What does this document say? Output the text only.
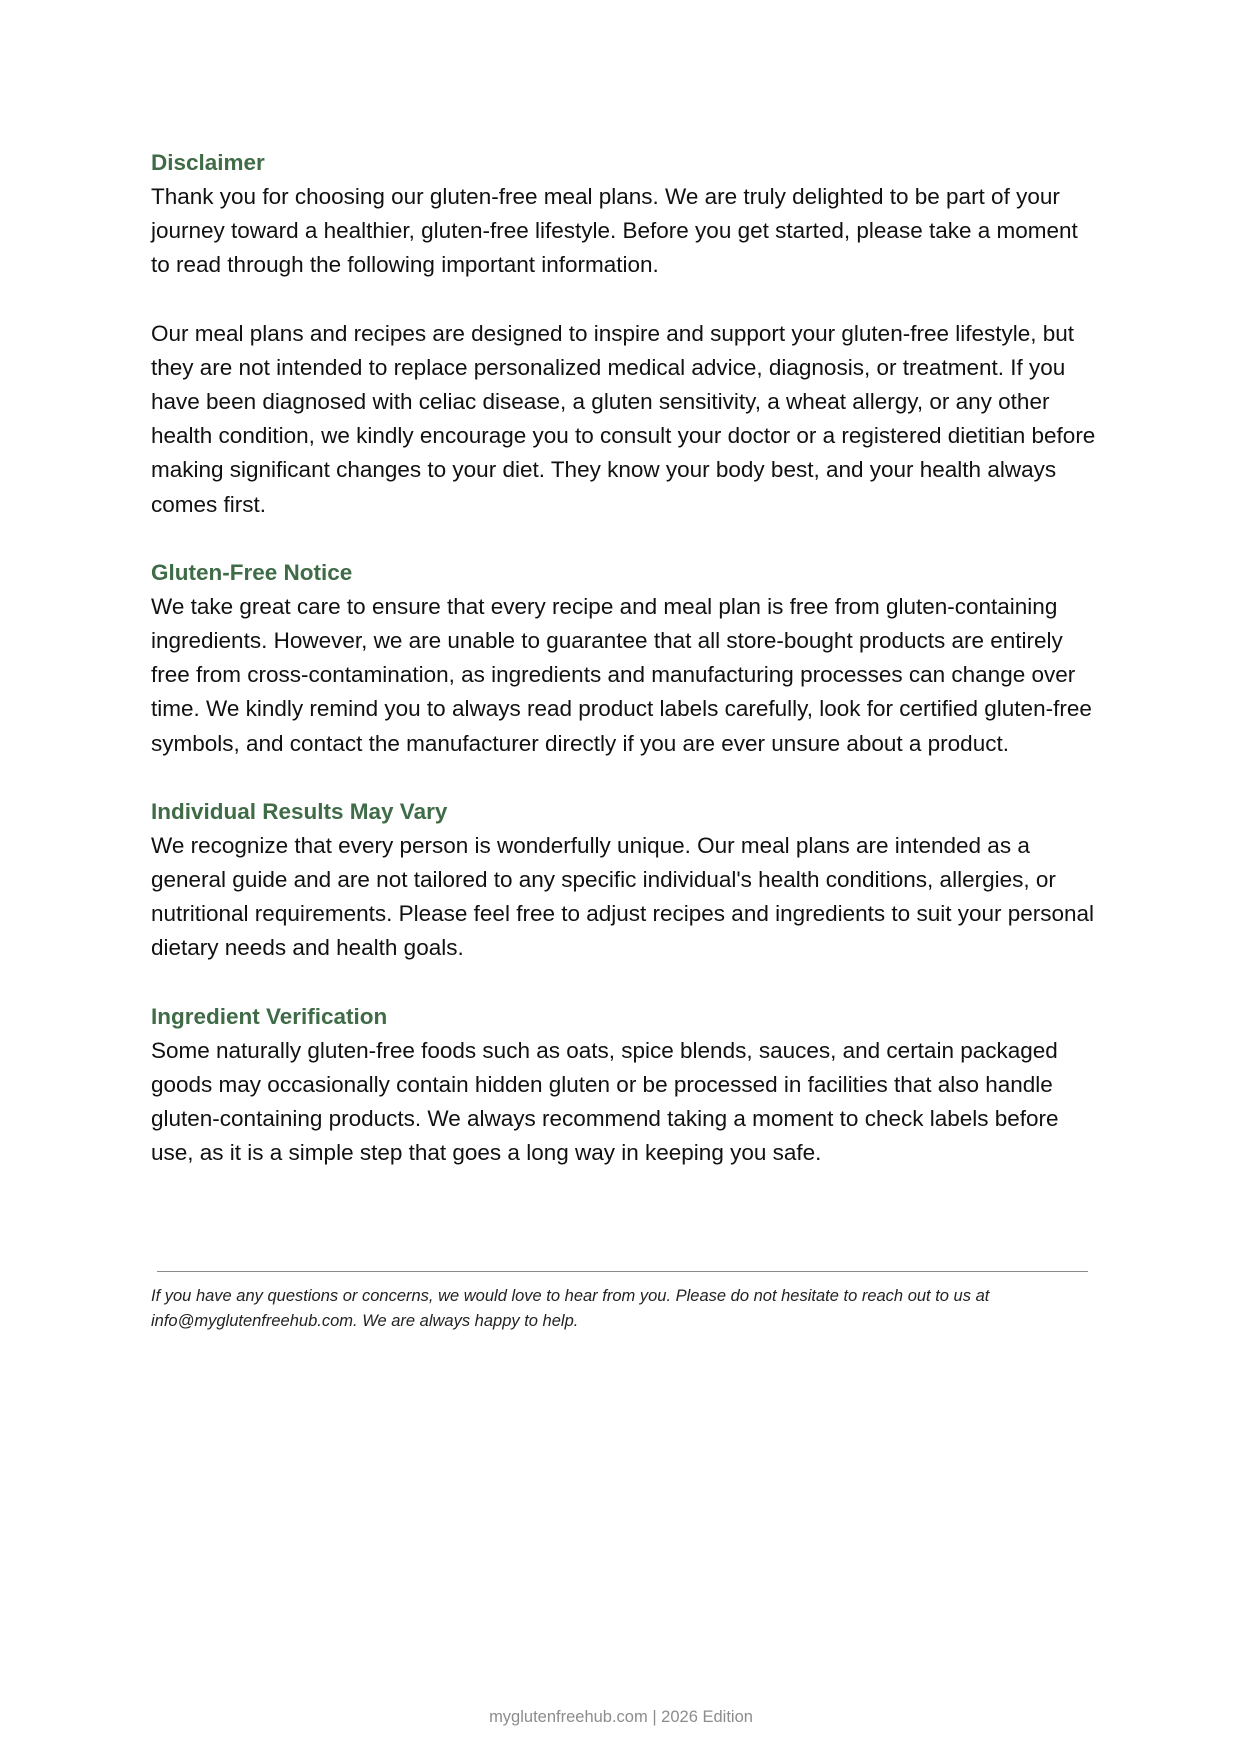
Disclaimer

Thank you for choosing our gluten-free meal plans. We are truly delighted to be part of your journey toward a healthier, gluten-free lifestyle. Before you get started, please take a moment to read through the following important information.

Our meal plans and recipes are designed to inspire and support your gluten-free lifestyle, but they are not intended to replace personalized medical advice, diagnosis, or treatment. If you have been diagnosed with celiac disease, a gluten sensitivity, a wheat allergy, or any other health condition, we kindly encourage you to consult your doctor or a registered dietitian before making significant changes to your diet. They know your body best, and your health always comes first.

Gluten-Free Notice

We take great care to ensure that every recipe and meal plan is free from gluten-containing ingredients. However, we are unable to guarantee that all store-bought products are entirely free from cross-contamination, as ingredients and manufacturing processes can change over time. We kindly remind you to always read product labels carefully, look for certified gluten-free symbols, and contact the manufacturer directly if you are ever unsure about a product.

Individual Results May Vary

We recognize that every person is wonderfully unique. Our meal plans are intended as a general guide and are not tailored to any specific individual's health conditions, allergies, or nutritional requirements. Please feel free to adjust recipes and ingredients to suit your personal dietary needs and health goals.

Ingredient Verification

Some naturally gluten-free foods such as oats, spice blends, sauces, and certain packaged goods may occasionally contain hidden gluten or be processed in facilities that also handle gluten-containing products. We always recommend taking a moment to check labels before use, as it is a simple step that goes a long way in keeping you safe.

If you have any questions or concerns, we would love to hear from you. Please do not hesitate to reach out to us at info@myglutenfreehub.com. We are always happy to help.

myglutenfreehub.com | 2026 Edition
